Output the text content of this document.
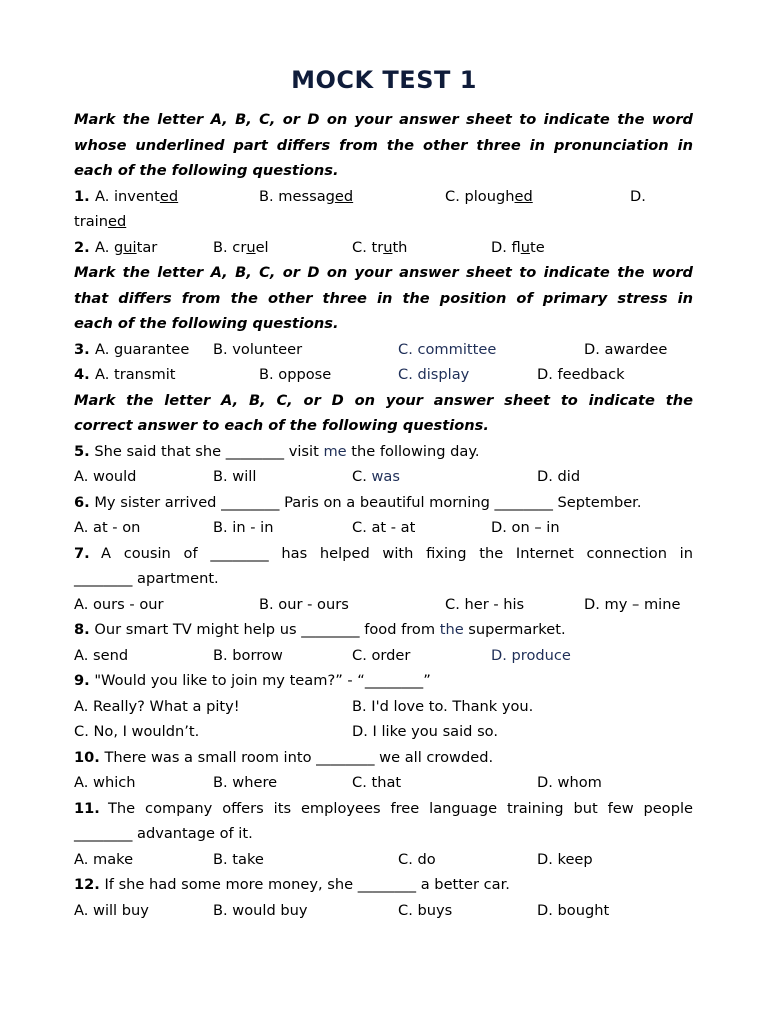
MOCK TEST 1
Mark the letter A, B, C, or D on your answer sheet to indicate the word
whose underlined part differs from the other three in pronunciation in
each of the following questions.
1. A. invented	B. messaged	C. ploughed	D.
trained
2. A. guitar	B. cruel	C. truth	D. flute
Mark the letter A, B, C, or D on your answer sheet to indicate the word
that differs from the other three in the position of primary stress in
each of the following questions.
3. A. guarantee B. volunteer	C. committee	D. awardee
4. A. transmit	B. oppose	C. display	D. feedback
Mark the letter A, B, C, or D on your answer sheet to indicate the
correct answer to each of the following questions.
5. She said that she ________ visit me the following day.
A. would	B. will	C. was	D. did
6. My sister arrived ________ Paris on a beautiful morning ________ September.
A. at - on	B. in - in	C. at - at	D. on – in
7. A cousin of ________ has helped with fixing the Internet connection in
________ apartment.
A. ours - our	B. our - ours	C. her - his	D. my – mine
8. Our smart TV might help us ________ food from the supermarket.
A. send	B. borrow	C. order	D. produce
9. "Would you like to join my team?” - “________”
A. Really? What a pity!	B. I'd love to. Thank you.
C. No, I wouldn’t.	D. I like you said so.
10. There was a small room into ________ we all crowded.
A. which	B. where	C. that	D. whom
11. The company offers its employees free language training but few people
________ advantage of it.
A. make	B. take	C. do	D. keep
12. If she had some more money, she ________ a better car.
A. will buy	B. would buy	C. buys	D. bought
